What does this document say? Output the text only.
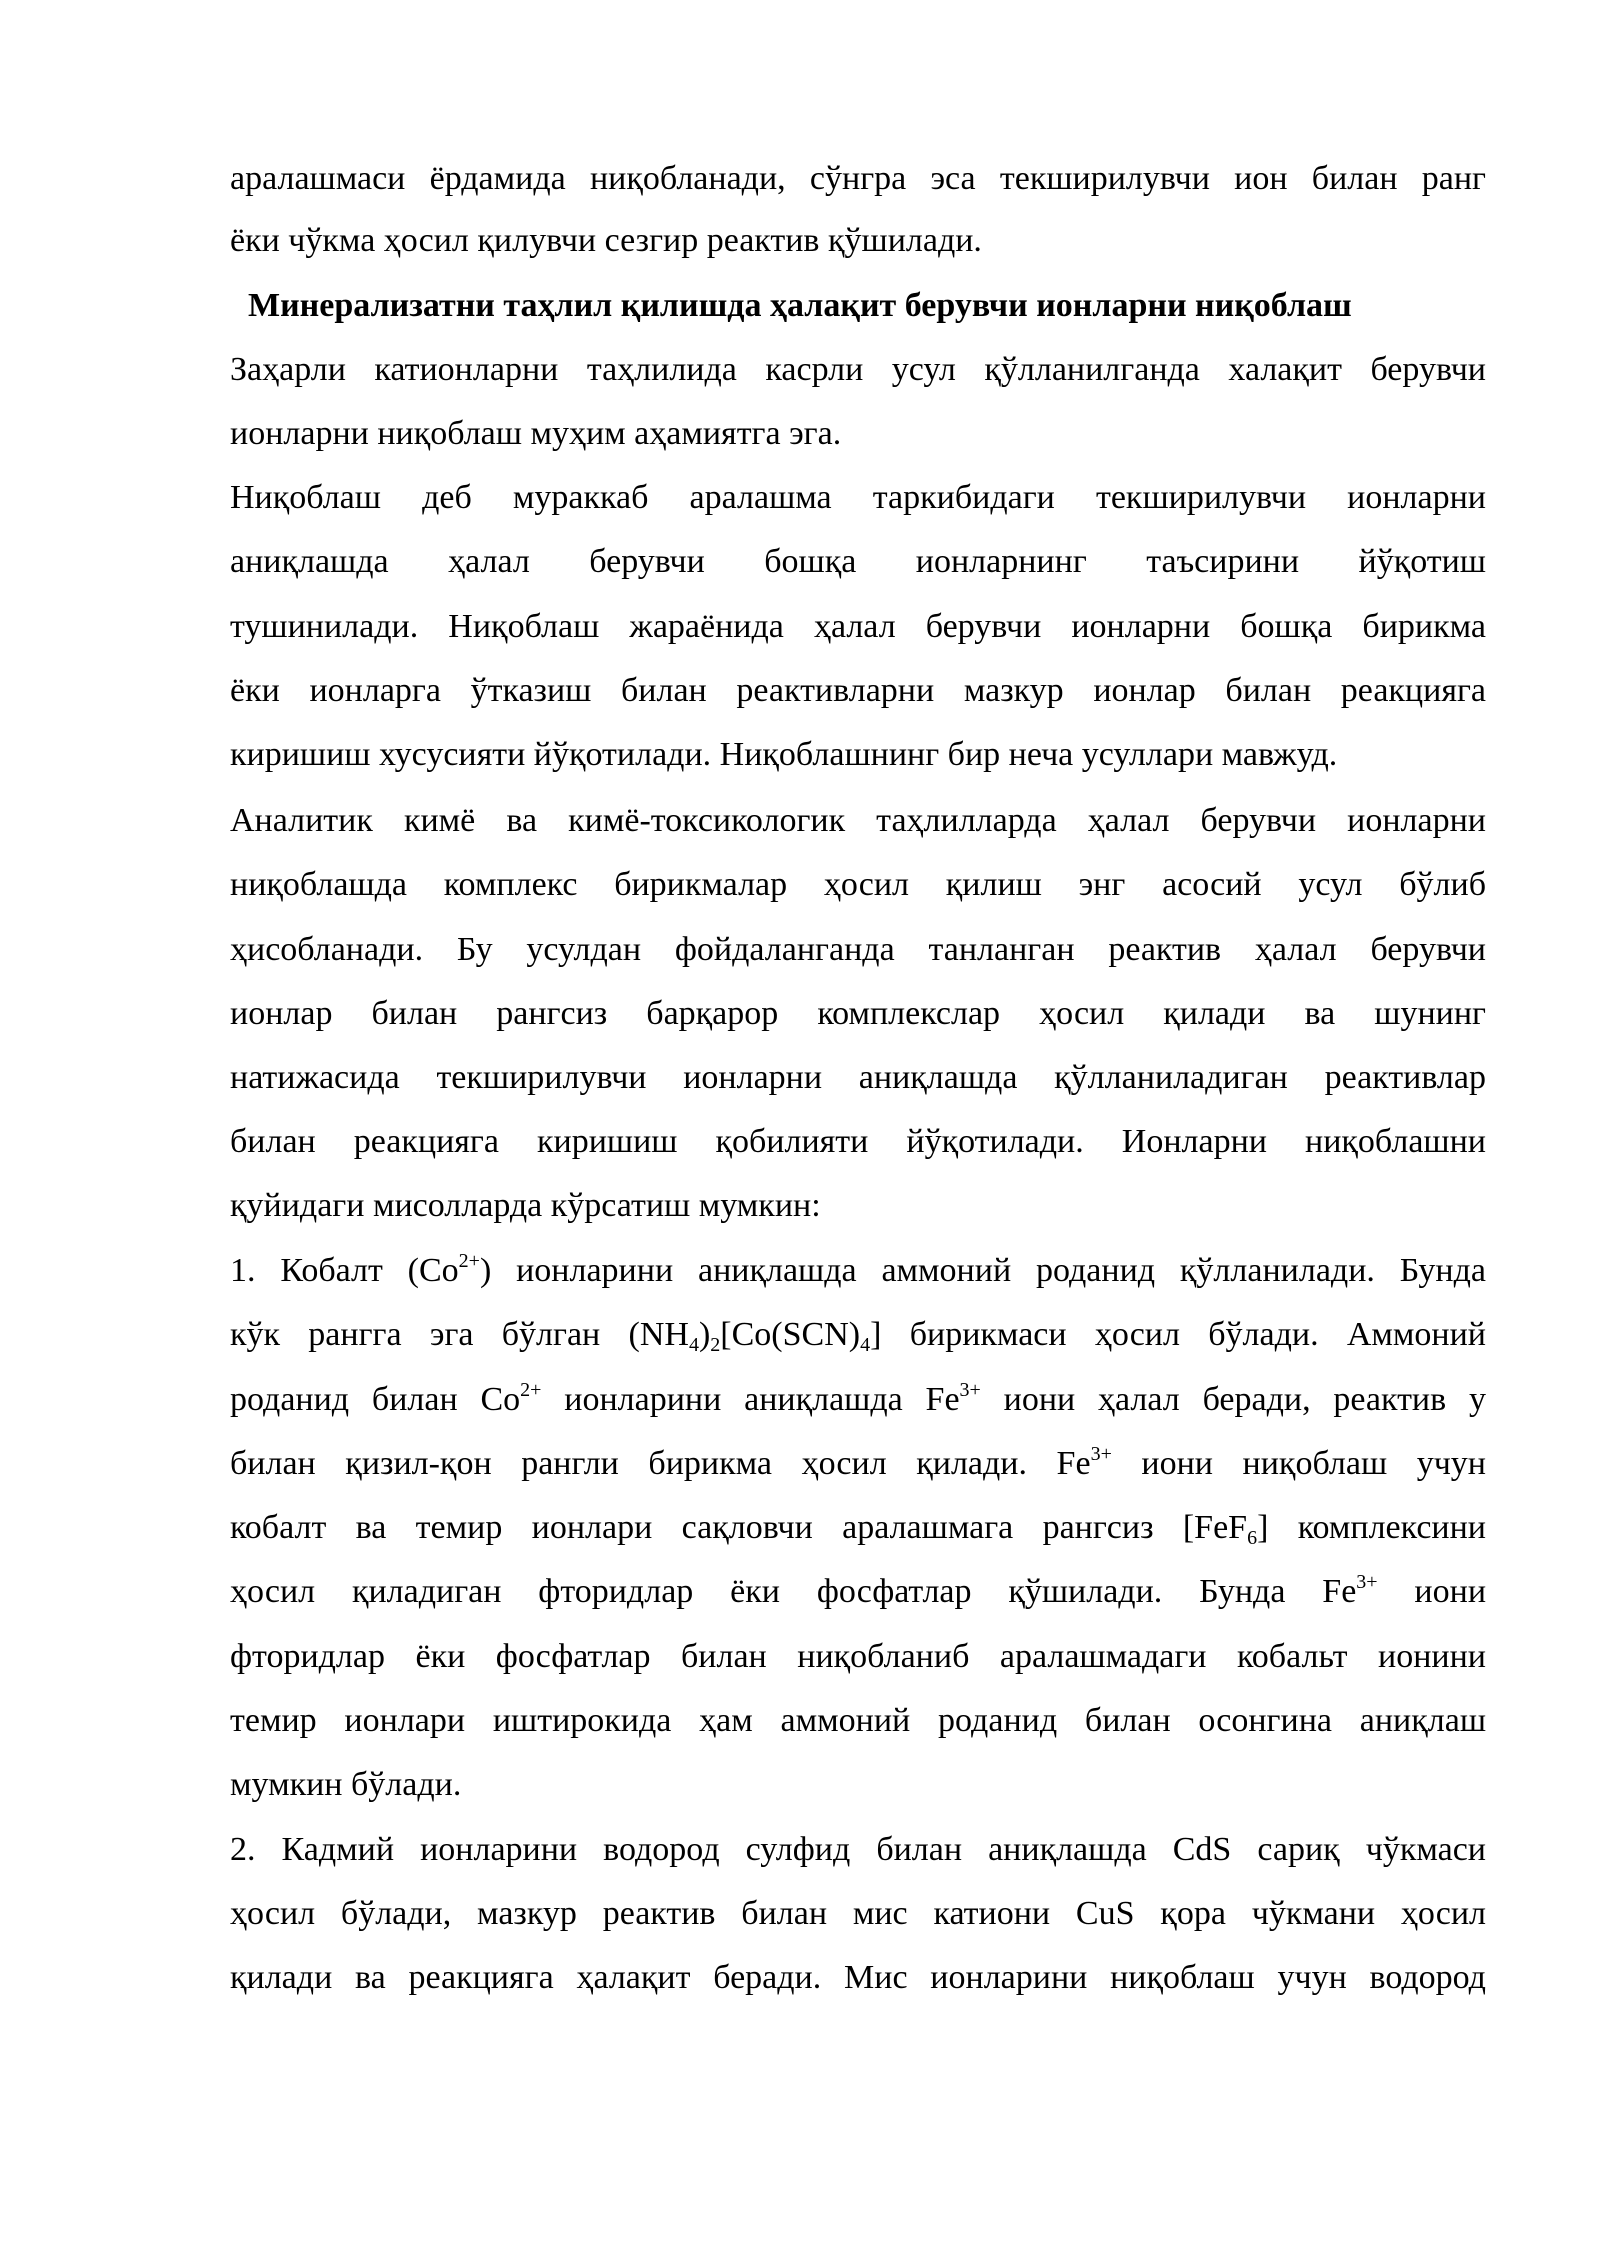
аралашмаси ёрдамида ниқобланади, сўнгра эса текширилувчи ион билан ранг
ёки чўкма ҳосил қилувчи сезгир реактив қўшилади.
Минерализатни таҳлил қилишда ҳалақит берувчи ионларни ниқоблаш
Заҳарли катионларни таҳлилида касрли усул қўлланилганда халақит берувчи
ионларни ниқоблаш муҳим аҳамиятга эга.
Ниқоблаш деб мураккаб аралашма таркибидаги текширилувчи ионларни
аниқлашда ҳалал берувчи бошқа ионларнинг таъсирини йўқотиш
тушинилади. Ниқоблаш жараёнида ҳалал берувчи ионларни бошқа бирикма
ёки ионларга ўтказиш билан реактивларни мазкур ионлар билан реакцияга
киришиш хусусияти йўқотилади. Ниқоблашнинг бир неча усуллари мавжуд.
Аналитик кимё ва кимё-токсикологик таҳлилларда ҳалал берувчи ионларни
ниқоблашда комплекс бирикмалар ҳосил қилиш энг асосий усул бўлиб
ҳисобланади. Бу усулдан фойдаланганда танланган реактив ҳалал берувчи
ионлар билан рангсиз барқарор комплекслар ҳосил қилади ва шунинг
натижасида текширилувчи ионларни аниқлашда қўлланиладиган реактивлар
билан реакцияга киришиш қобилияти йўқотилади. Ионларни ниқоблашни
қуйидаги мисолларда кўрсатиш мумкин:
1. Кобалт $(Co^{2+})$ ионларини аниқлашда аммоний роданид қўлланилади. Бунда
кўк рангга эга бўлган $(NH_4)_2[Co(SCN)_4]$ бирикмаси ҳосил бўлади. Аммоний
роданид билан $Co^{2+}$ ионларини аниқлашда $Fe^{3+}$ иони ҳалал беради, реактив у
билан қизил-қон рангли бирикма ҳосил қилади. $Fe^{3+}$ иони ниқоблаш учун
кобалт ва темир ионлари сақловчи аралашмага рангсиз [FeF$_6$] комплексини
ҳосил қиладиган фторидлар ёки фосфатлар қўшилади. Бунда $Fe^{3+}$ иони
фторидлар ёки фосфатлар билан ниқобланиб аралашмадаги кобальт ионини
темир ионлари иштирокида ҳам аммоний роданид билан осонгина аниқлаш
мумкин бўлади.
2. Кадмий ионларини водород сулфид билан аниқлашда CdS сариқ чўкмаси
ҳосил бўлади, мазкур реактив билан мис катиони CuS қора чўкмани ҳосил
қилади ва реакцияга ҳалақит беради. Мис ионларини ниқоблаш учун водород
